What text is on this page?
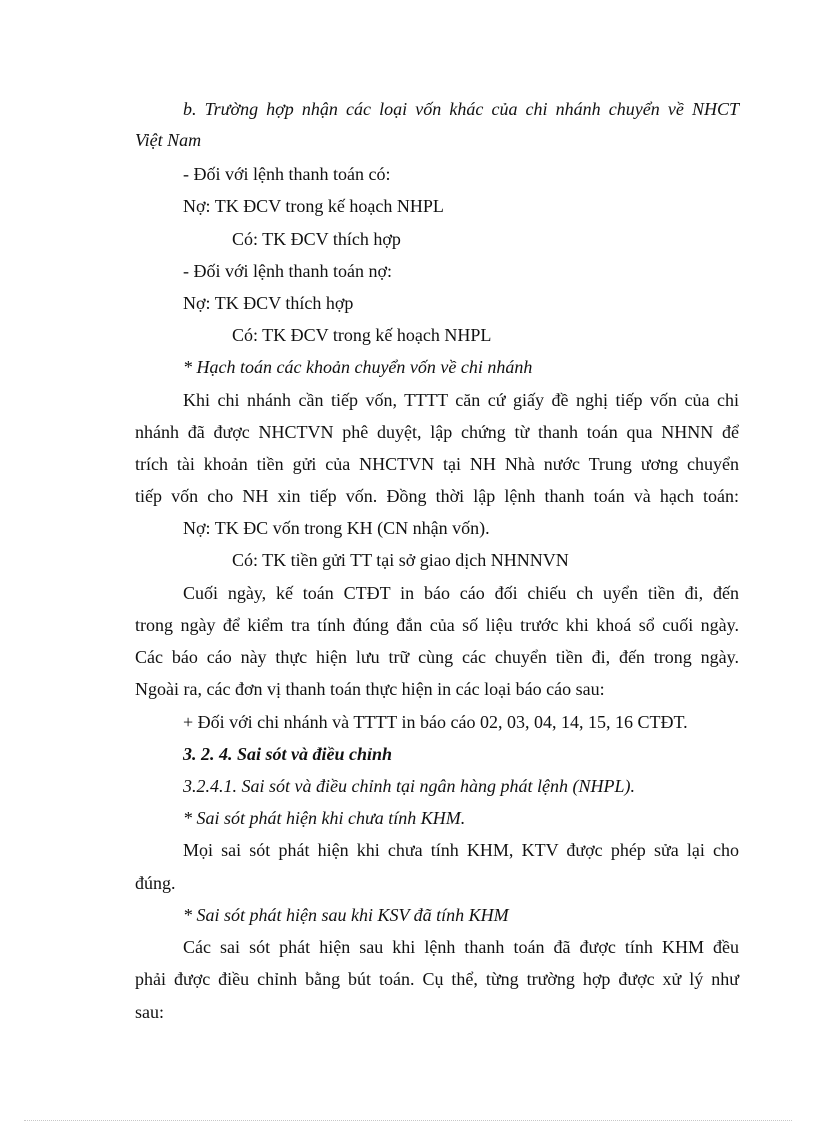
b. Trường hợp nhận các loại vốn khác của chi nhánh chuyển về NHCT
Việt Nam
- Đối với lệnh thanh toán có:
Nợ: TK ĐCV trong kế hoạch NHPL
Có: TK ĐCV thích hợp
- Đối với lệnh thanh toán nợ:
Nợ: TK ĐCV thích hợp
Có: TK ĐCV trong kế hoạch NHPL
* Hạch toán các khoản chuyển vốn về chi nhánh
Khi chi nhánh cần tiếp vốn, TTTT căn cứ giấy đề nghị tiếp vốn của chi
nhánh đã được NHCTVN phê duyệt, lập chứng từ thanh toán qua NHNN để
trích tài khoản tiền gửi của NHCTVN tại NH Nhà nước Trung ương chuyển
tiếp vốn cho NH xin tiếp vốn. Đồng thời lập lệnh thanh toán và hạch toán:
Nợ: TK ĐC vốn trong KH (CN nhận vốn).
Có: TK tiền gửi TT tại sở giao dịch NHNNVN
Cuối ngày, kế toán CTĐT in báo cáo đối chiếu ch uyển tiền đi, đến
trong ngày để kiểm tra tính đúng đắn của số liệu trước khi khoá sổ cuối ngày.
Các báo cáo này thực hiện lưu trữ cùng các chuyển tiền đi, đến trong ngày.
Ngoài ra, các đơn vị thanh toán thực hiện in các loại báo cáo sau:
+ Đối với chi nhánh và TTTT in báo cáo 02, 03, 04, 14, 15, 16 CTĐT.
3. 2. 4. Sai sót và điều chỉnh
3.2.4.1. Sai sót và điều chỉnh tại ngân hàng phát lệnh (NHPL).
* Sai sót phát hiện khi chưa tính KHM.
Mọi sai sót phát hiện khi chưa tính KHM, KTV được phép sửa lại cho
đúng.
* Sai sót phát hiện sau khi KSV đã tính KHM
Các sai sót phát hiện sau khi lệnh thanh toán đã được tính KHM đều
phải được điều chỉnh bằng bút toán. Cụ thể, từng trường hợp được xử lý như
sau:
